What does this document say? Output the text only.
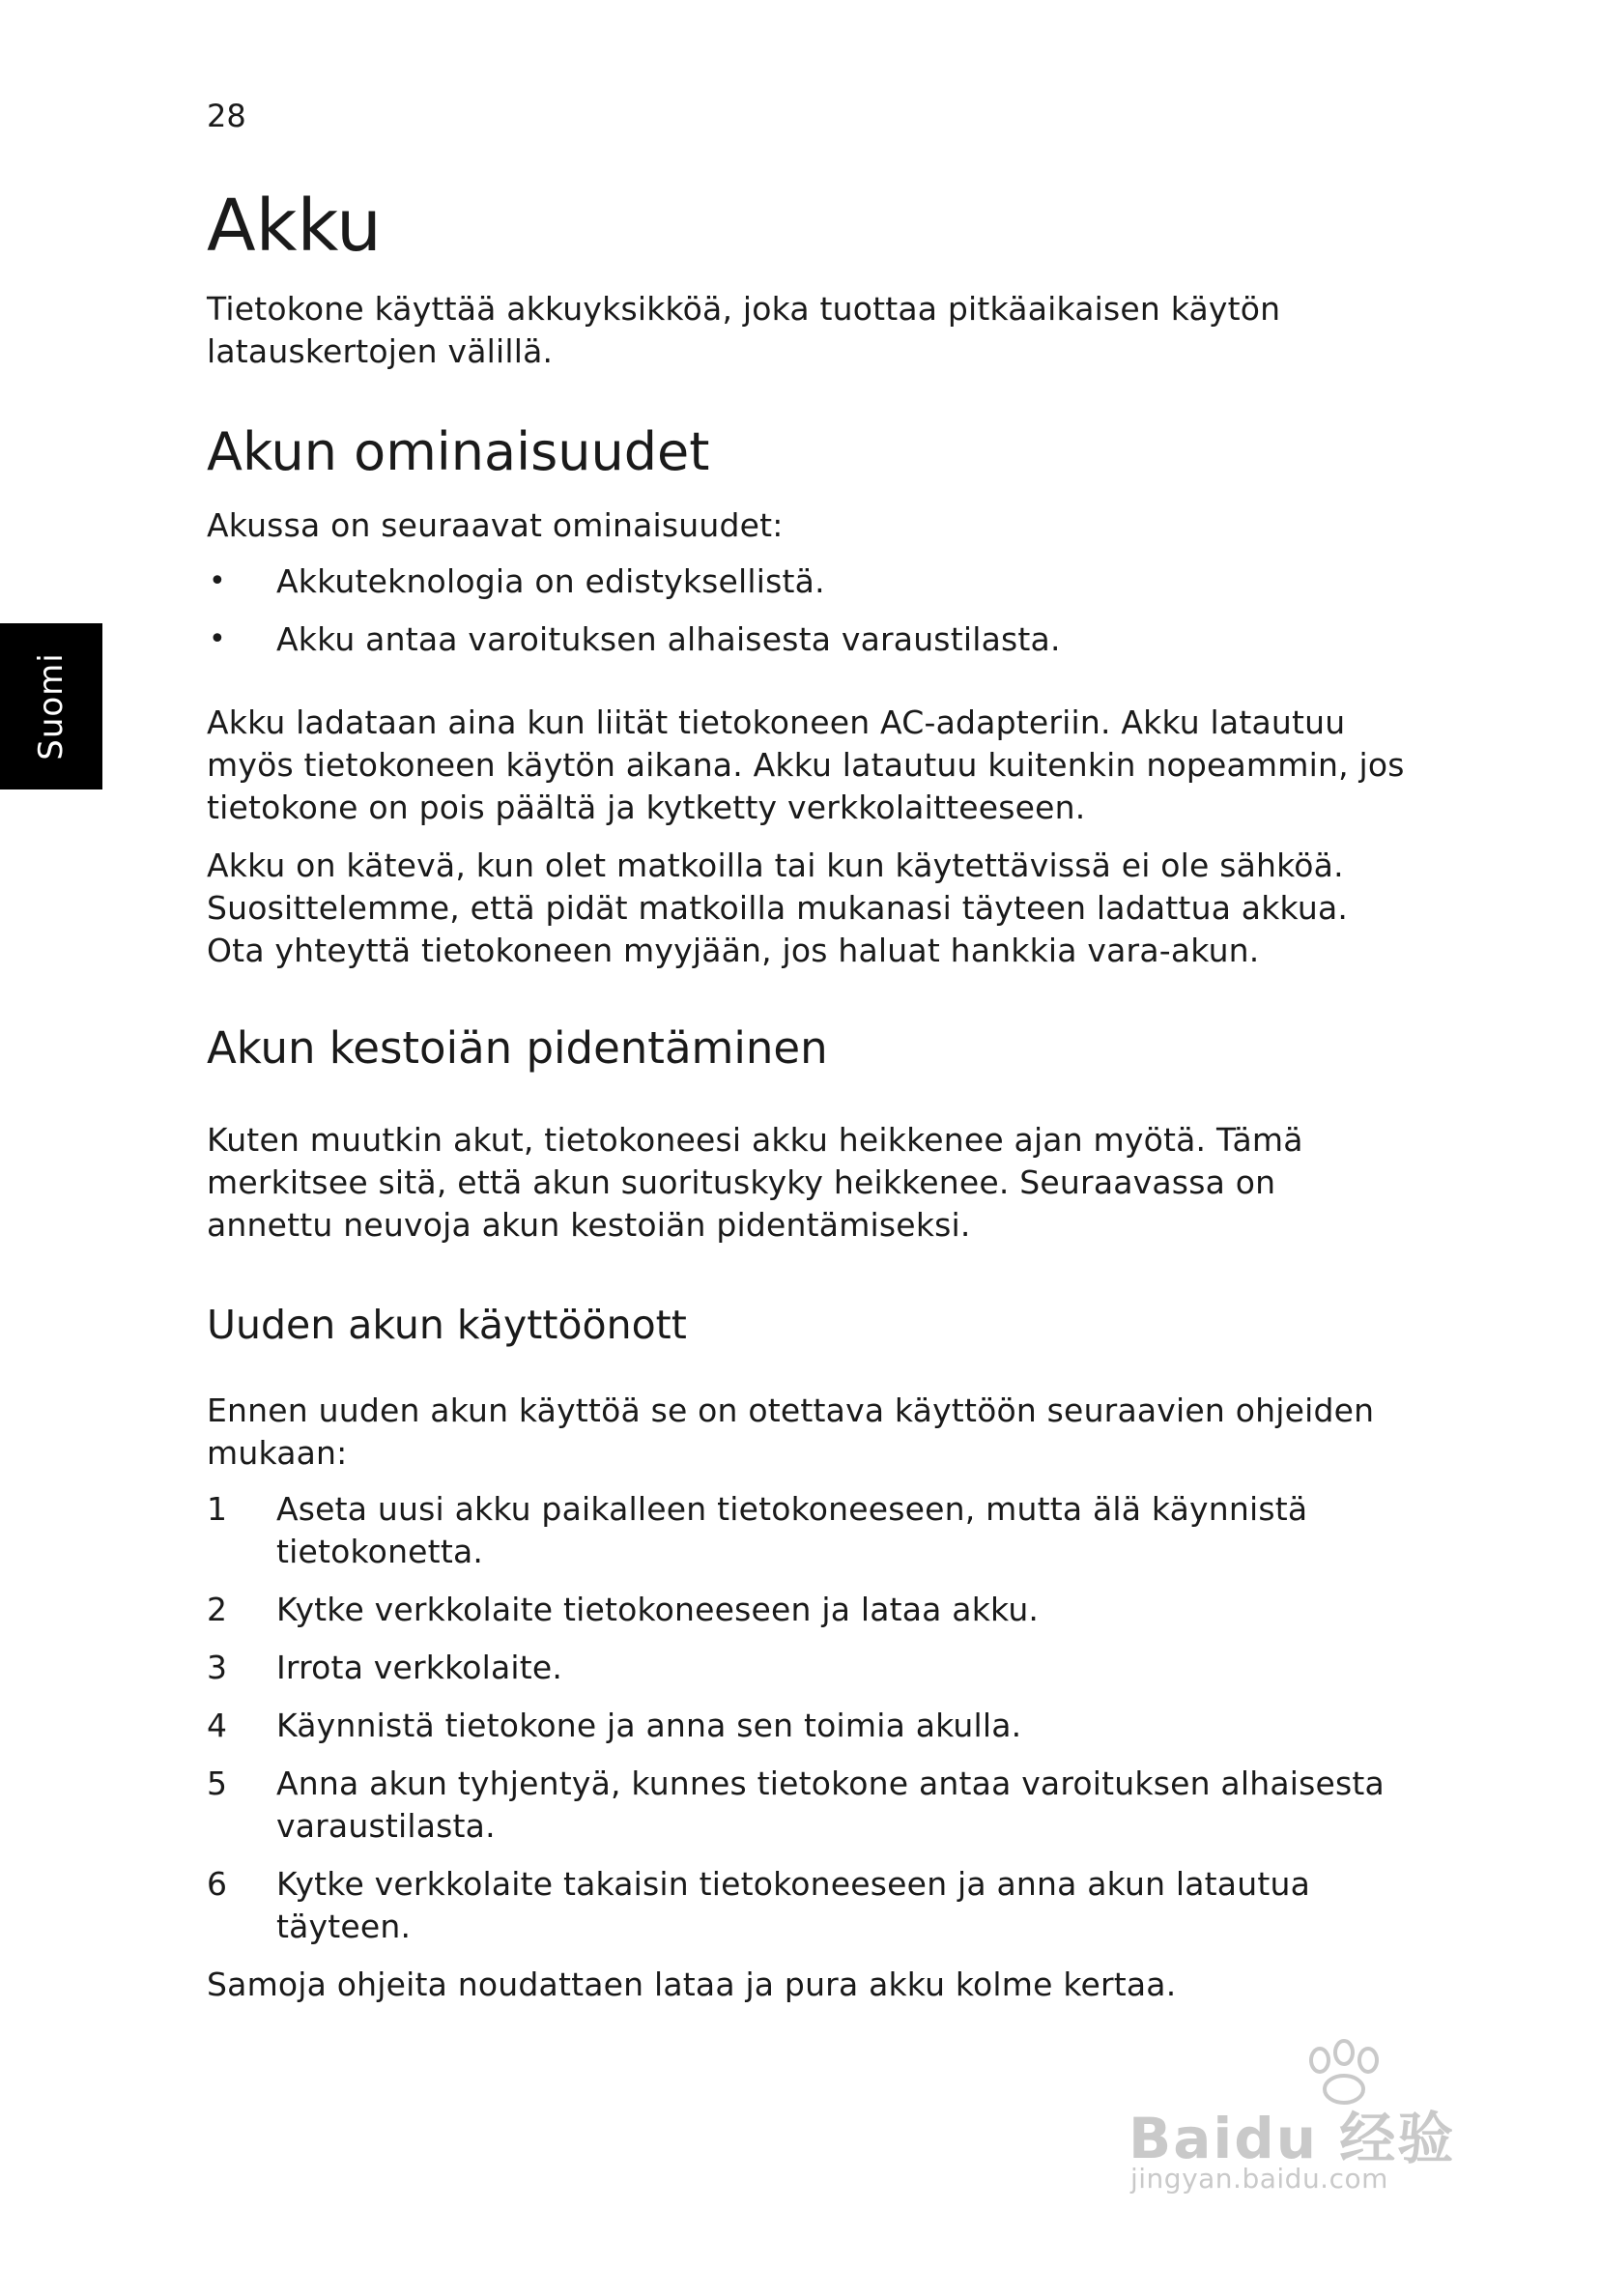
28
Suomi
Akku

Tietokone käyttää akkuyksikköä, joka tuottaa pitkäaikaisen käytön latauskertojen välillä.

Akun ominaisuudet

Akussa on seuraavat ominaisuudet:

• Akkuteknologia on edistyksellistä.
• Akku antaa varoituksen alhaisesta varaustilasta.

Akku ladataan aina kun liität tietokoneen AC-adapteriin. Akku latautuu myös tietokoneen käytön aikana. Akku latautuu kuitenkin nopeammin, jos tietokone on pois päältä ja kytketty verkkolaitteeseen.

Akku on kätevä, kun olet matkoilla tai kun käytettävissä ei ole sähköä. Suosittelemme, että pidät matkoilla mukanasi täyteen ladattua akkua. Ota yhteyttä tietokoneen myyjään, jos haluat hankkia vara-akun.

Akun kestoiän pidentäminen

Kuten muutkin akut, tietokoneesi akku heikkenee ajan myötä. Tämä merkitsee sitä, että akun suorituskyky heikkenee. Seuraavassa on annettu neuvoja akun kestoiän pidentämiseksi.

Uuden akun käyttöönott

Ennen uuden akun käyttöä se on otettava käyttöön seuraavien ohjeiden mukaan:

1 Aseta uusi akku paikalleen tietokoneeseen, mutta älä käynnistä tietokonetta.
2 Kytke verkkolaite tietokoneeseen ja lataa akku.
3 Irrota verkkolaite.
4 Käynnistä tietokone ja anna sen toimia akulla.
5 Anna akun tyhjentyä, kunnes tietokone antaa varoituksen alhaisesta varaustilasta.
6 Kytke verkkolaite takaisin tietokoneeseen ja anna akun latautua täyteen.

Samoja ohjeita noudattaen lataa ja pura akku kolme kertaa.

Baidu 经验
jingyan.baidu.com
